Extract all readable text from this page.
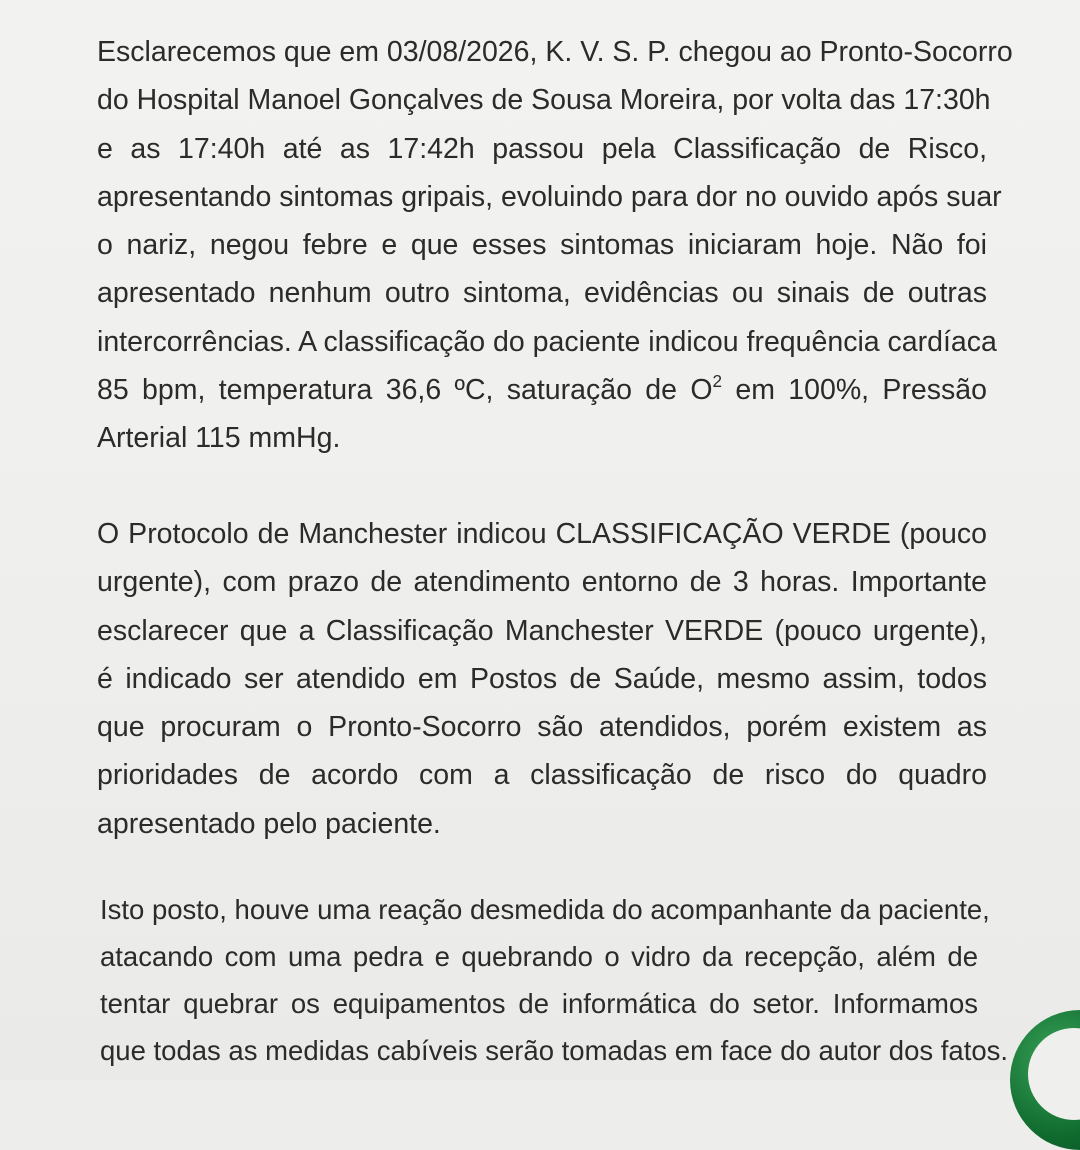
Esclarecemos que em 03/08/2026, K. V. S. P. chegou ao Pronto-Socorro
do Hospital Manoel Gonçalves de Sousa Moreira, por volta das 17:30h
e as 17:40h até as 17:42h passou pela Classificação de Risco,
apresentando sintomas gripais, evoluindo para dor no ouvido após suar
o nariz, negou febre e que esses sintomas iniciaram hoje. Não foi
apresentado nenhum outro sintoma, evidências ou sinais de outras
intercorrências. A classificação do paciente indicou frequência cardíaca
85 bpm, temperatura 36,6 ºC, saturação de $O^2$ em 100%, Pressão
Arterial 115 mmHg.
O Protocolo de Manchester indicou CLASSIFICAÇÃO VERDE (pouco
urgente), com prazo de atendimento entorno de 3 horas. Importante
esclarecer que a Classificação Manchester VERDE (pouco urgente),
é indicado ser atendido em Postos de Saúde, mesmo assim, todos
que procuram o Pronto-Socorro são atendidos, porém existem as
prioridades de acordo com a classificação de risco do quadro
apresentado pelo paciente.
Isto posto, houve uma reação desmedida do acompanhante da paciente,
atacando com uma pedra e quebrando o vidro da recepção, além de
tentar quebrar os equipamentos de informática do setor. Informamos
que todas as medidas cabíveis serão tomadas em face do autor dos fatos.
